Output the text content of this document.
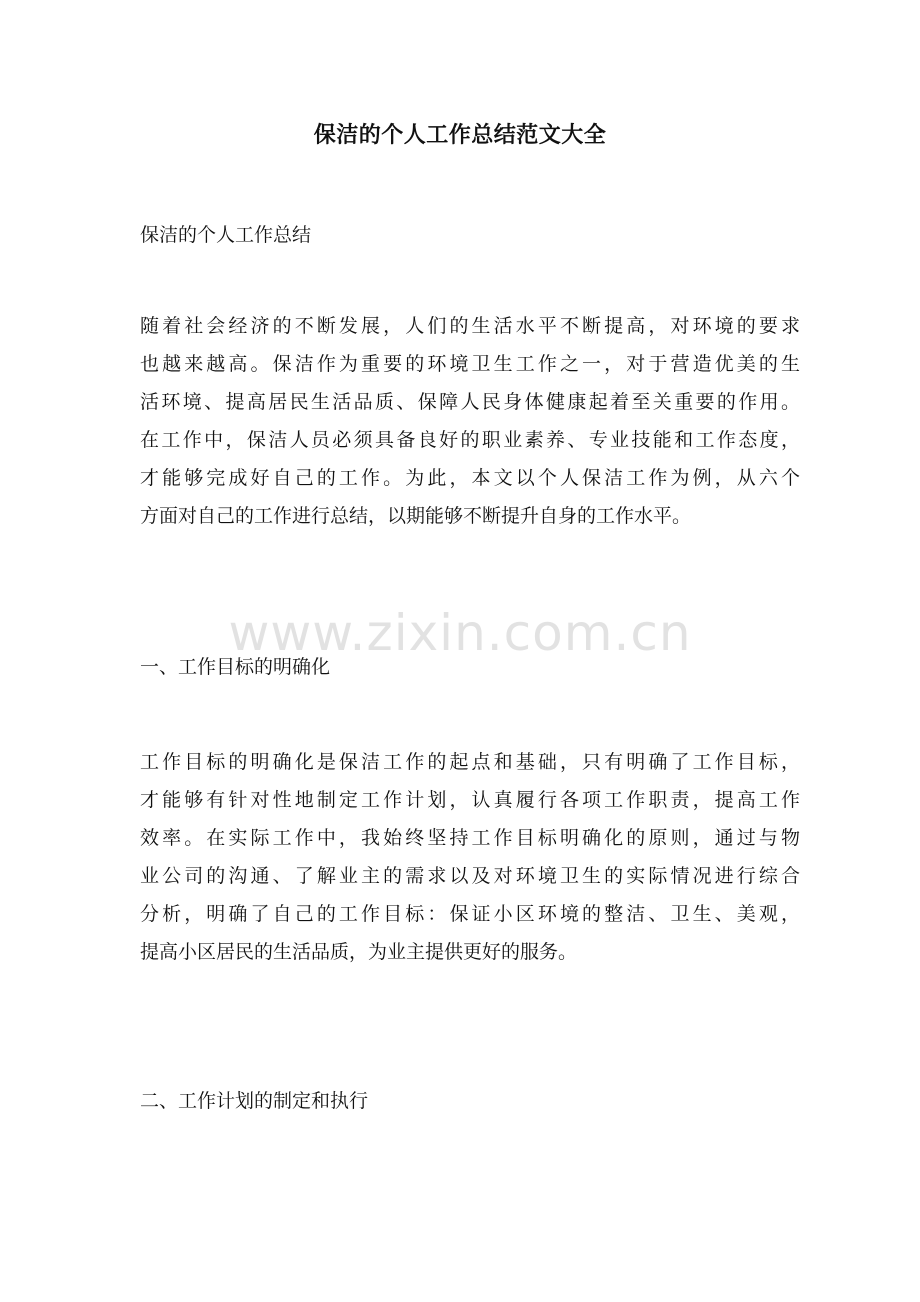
保洁的个人工作总结范文大全
保洁的个人工作总结
随着社会经济的不断发展，人们的生活水平不断提高，对环境的要求
也越来越高。保洁作为重要的环境卫生工作之一，对于营造优美的生
活环境、提高居民生活品质、保障人民身体健康起着至关重要的作用。
在工作中，保洁人员必须具备良好的职业素养、专业技能和工作态度，
才能够完成好自己的工作。为此，本文以个人保洁工作为例，从六个
方面对自己的工作进行总结，以期能够不断提升自身的工作水平。
www.zixin.com.cn
一、工作目标的明确化
工作目标的明确化是保洁工作的起点和基础，只有明确了工作目标，
才能够有针对性地制定工作计划，认真履行各项工作职责，提高工作
效率。在实际工作中，我始终坚持工作目标明确化的原则，通过与物
业公司的沟通、了解业主的需求以及对环境卫生的实际情况进行综合
分析，明确了自己的工作目标：保证小区环境的整洁、卫生、美观，
提高小区居民的生活品质，为业主提供更好的服务。
二、工作计划的制定和执行
